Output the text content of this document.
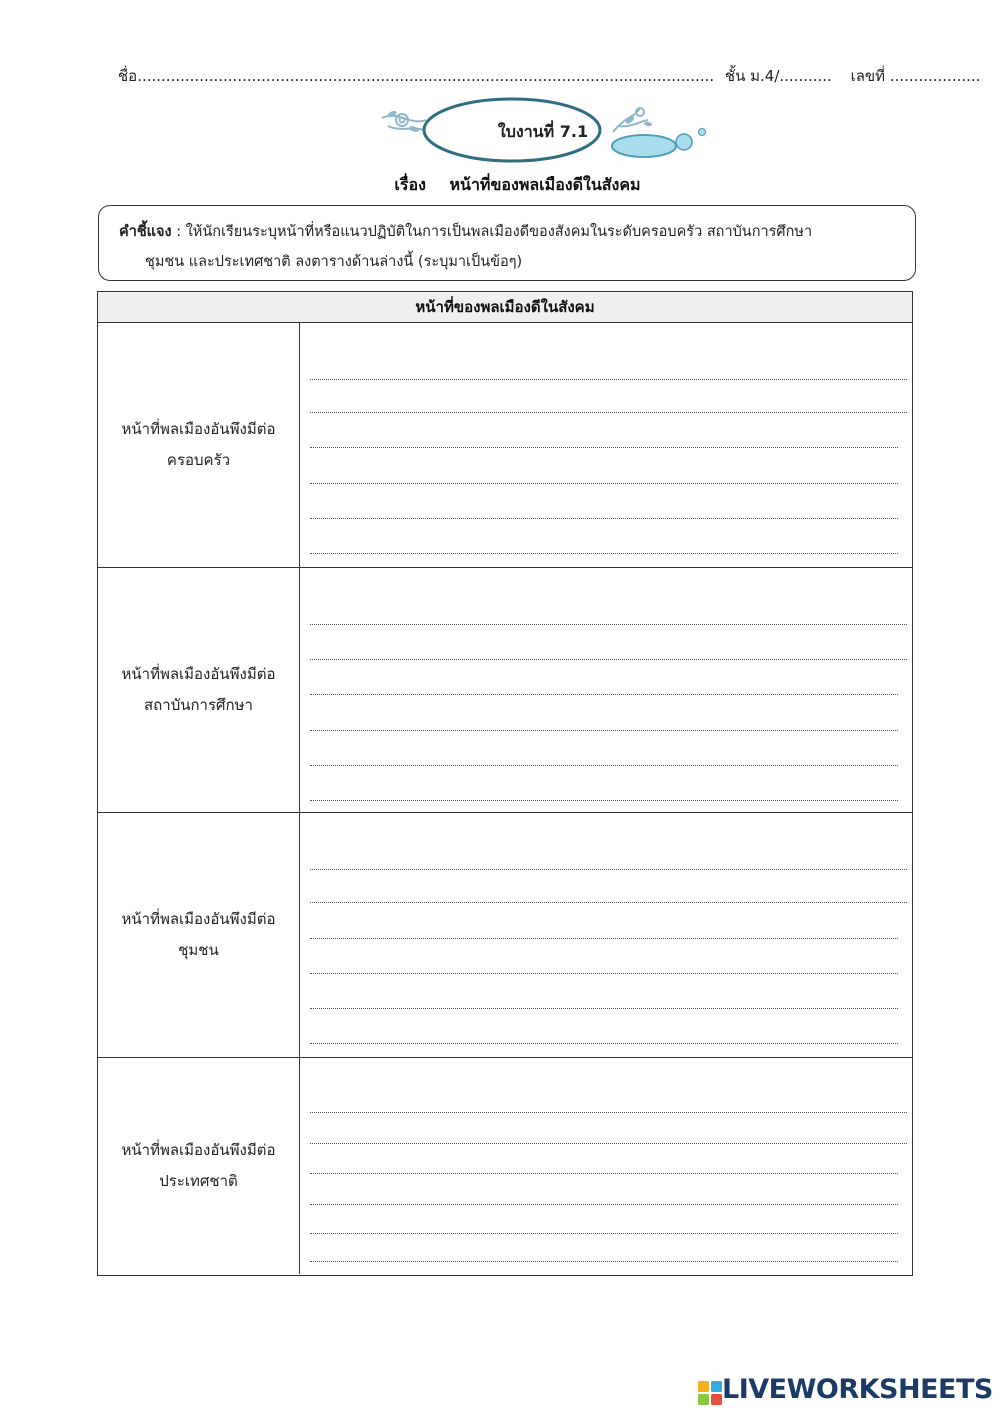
ชื่อ......................................................................................................................... ชั้น ม.4/........... เลขที่ ...................
ใบงานที่ 7.1
เรื่อง หน้าที่ของพลเมืองดีในสังคม
คำชี้แจง : ให้นักเรียนระบุหน้าที่หรือแนวปฏิบัติในการเป็นพลเมืองดีของสังคมในระดับครอบครัว สถาบันการศึกษา
ชุมชน และประเทศชาติ ลงตารางด้านล่างนี้ (ระบุมาเป็นข้อๆ)
หน้าที่ของพลเมืองดีในสังคม
หน้าที่พลเมืองอันพึงมีต่อ
ครอบครัว
หน้าที่พลเมืองอันพึงมีต่อ
สถาบันการศึกษา
หน้าที่พลเมืองอันพึงมีต่อ
ชุมชน
หน้าที่พลเมืองอันพึงมีต่อ
ประเทศชาติ
LIVEWORKSHEETS
